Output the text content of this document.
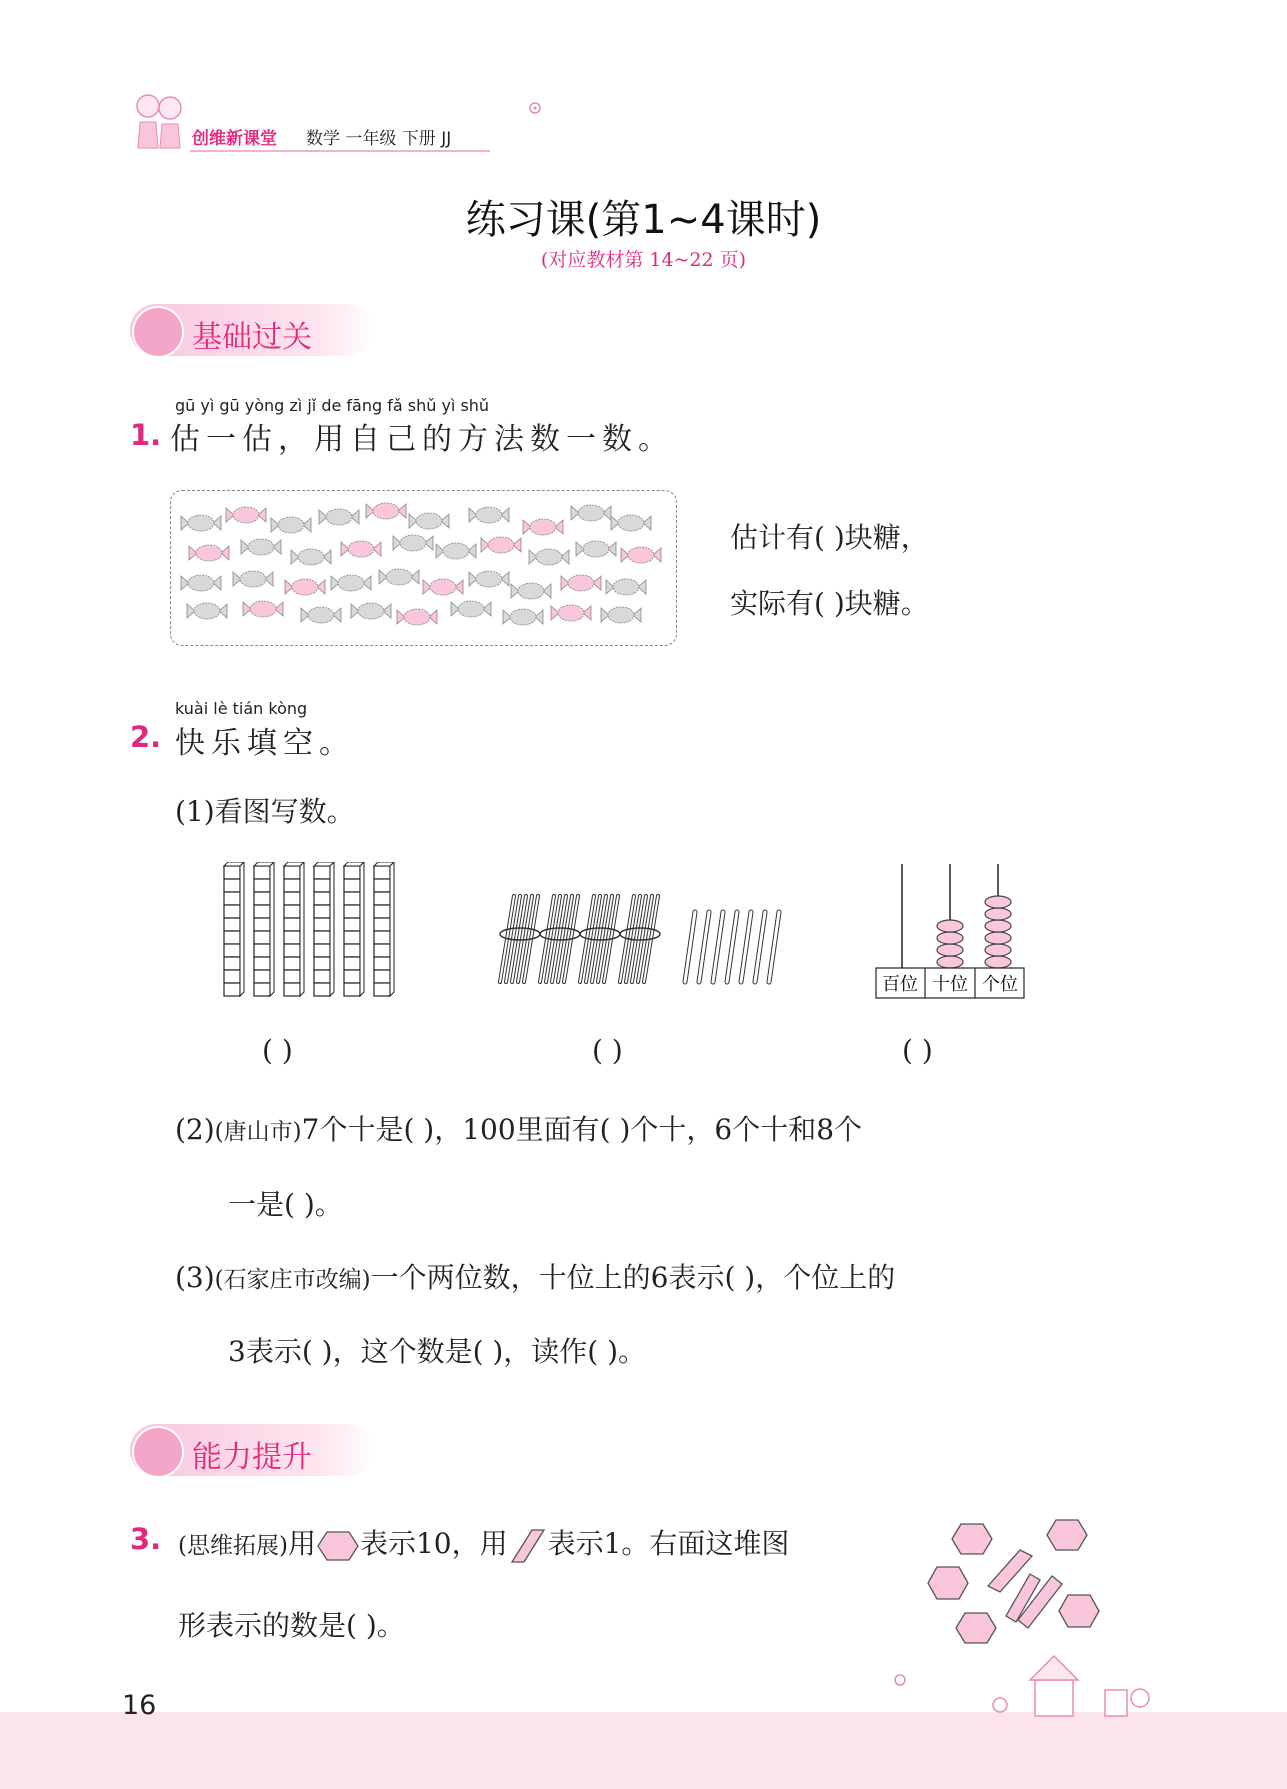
创维新课堂 数学 一年级 下册 JJ
练习课(第1~4课时)
(对应教材第 14~22 页)
基础过关
gū yì gū yòng zì jǐ de fāng fǎ shǔ yì shǔ
1. 估一估，用自己的方法数一数。
估计有( )块糖，
实际有( )块糖。
kuài lè tián kòng
2. 快乐填空。
(1)看图写数。
百位 十位 个位
( )	( )	( )
(2)(唐山市)7个十是( )，100里面有( )个十，6个十和8个
一是( )。
(3)(石家庄市改编)一个两位数，十位上的6表示( )，个位上的
3表示( )，这个数是( )，读作( )。
能力提升
3. (思维拓展)用 表示10，用 表示1。右面这堆图
形表示的数是( )。
16
